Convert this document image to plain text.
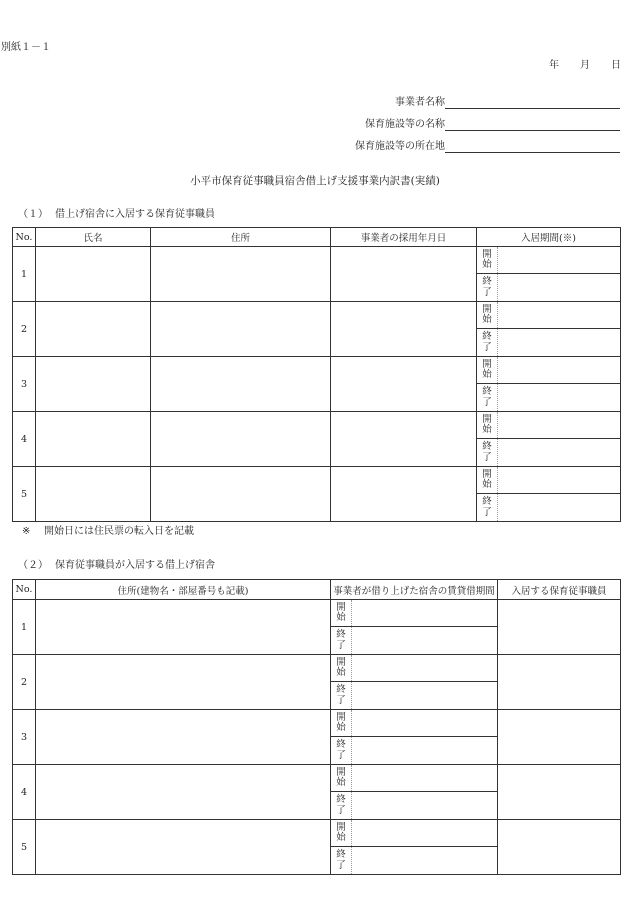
別紙１－１
年 月 日
事業者名称
保育施設等の名称
保育施設等の所在地
小平市保育従事職員宿舎借上げ支援事業内訳書(実績)
（１） 借上げ宿舎に入居する保育従事職員
No.	氏名	住所	事業者の採用年月日	入居期間(※)	
1				開始	
				終了	
2				開始	
				終了	
3				開始	
				終了	
4				開始	
				終了	
5				開始	
				終了	
※ 開始日には住民票の転入日を記載
（２） 保育従事職員が入居する借上げ宿舎
No.	住所(建物名・部屋番号も記載)	事業者が借り上げた宿舎の賃貸借期間		入居する保育従事職員
1		開始		
		終了		
2		開始		
		終了		
3		開始		
		終了		
4		開始		
		終了		
5		開始		
		終了		
